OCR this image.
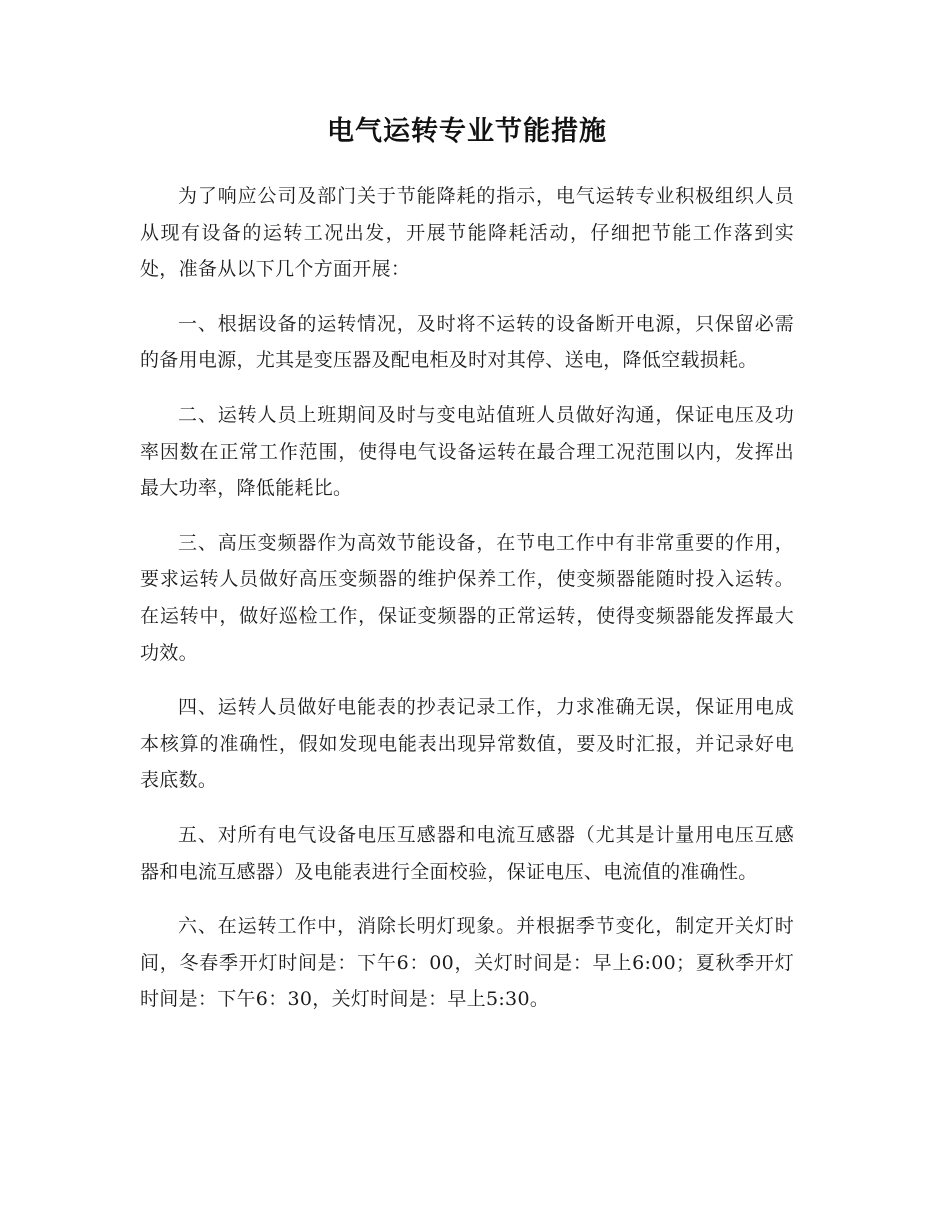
电气运转专业节能措施

为了响应公司及部门关于节能降耗的指示，电气运转专业积极组织人员从现有设备的运转工况出发，开展节能降耗活动，仔细把节能工作落到实处，准备从以下几个方面开展：

一、根据设备的运转情况，及时将不运转的设备断开电源，只保留必需的备用电源，尤其是变压器及配电柜及时对其停、送电，降低空载损耗。

二、运转人员上班期间及时与变电站值班人员做好沟通，保证电压及功率因数在正常工作范围，使得电气设备运转在最合理工况范围以内，发挥出最大功率，降低能耗比。

三、高压变频器作为高效节能设备，在节电工作中有非常重要的作用，要求运转人员做好高压变频器的维护保养工作，使变频器能随时投入运转。在运转中，做好巡检工作，保证变频器的正常运转，使得变频器能发挥最大功效。

四、运转人员做好电能表的抄表记录工作，力求准确无误，保证用电成本核算的准确性，假如发现电能表出现异常数值，要及时汇报，并记录好电表底数。

五、对所有电气设备电压互感器和电流互感器（尤其是计量用电压互感器和电流互感器）及电能表进行全面校验，保证电压、电流值的准确性。

六、在运转工作中，消除长明灯现象。并根据季节变化，制定开关灯时间，冬春季开灯时间是：下午6：00，关灯时间是：早上6:00；夏秋季开灯时间是：下午6：30，关灯时间是：早上5:30。
